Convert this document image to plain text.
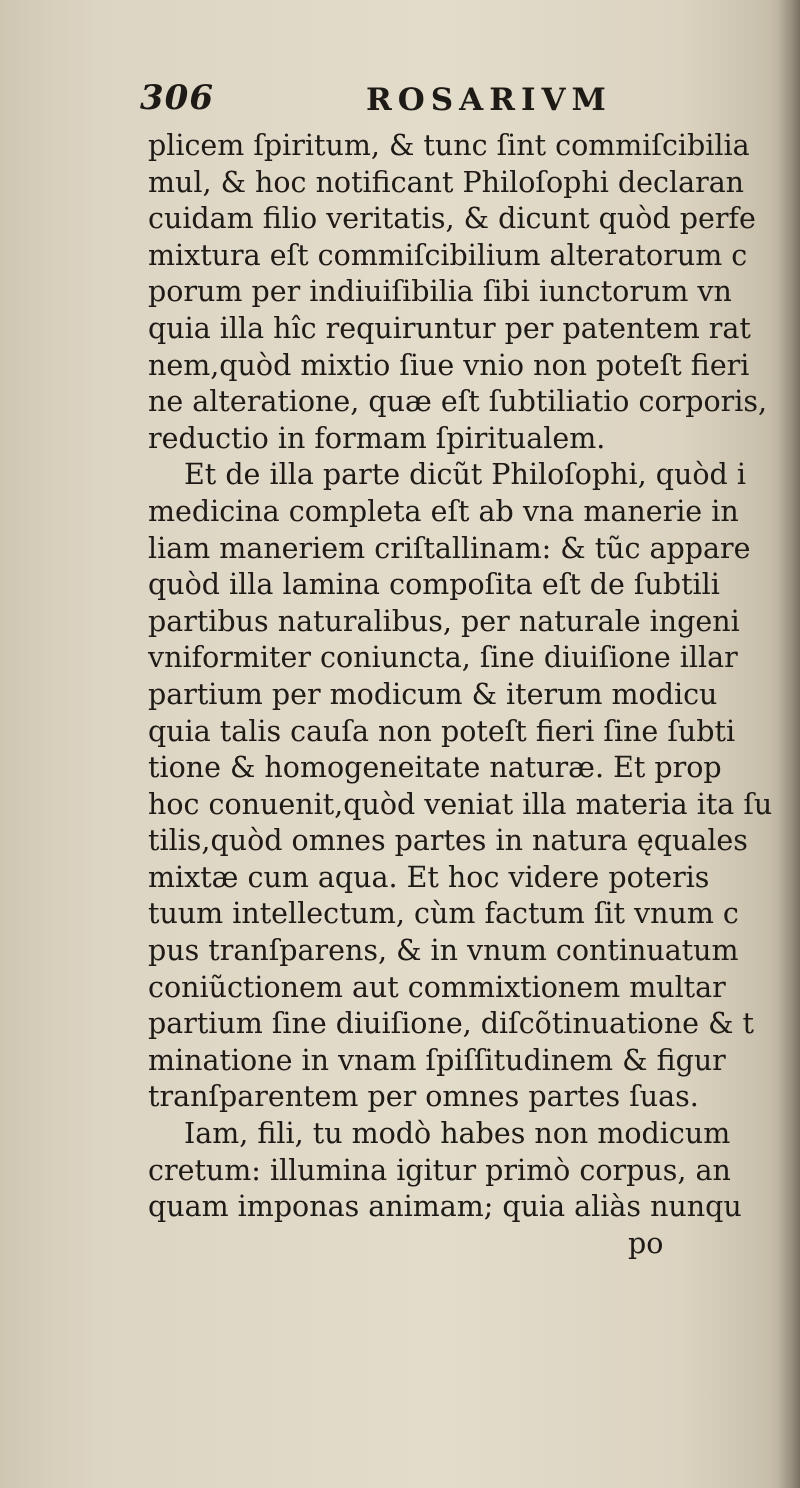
306	ROSARIVM
plicem ſpiritum, & tunc ſint commiſcibilia
mul, & hoc notificant Philoſophi declaran
cuidam filio veritatis, & dicunt quòd perfe
mixtura eſt commiſcibilium alteratorum c
porum per indiuiſibilia ſibi iunctorum vn
quia illa hîc requiruntur per patentem rat
nem,quòd mixtio ſiue vnio non poteſt fieri
ne alteratione, quæ eſt ſubtiliatio corporis,
reductio in formam ſpiritualem.
Et de illa parte dicũt Philoſophi, quòd i
medicina completa eſt ab vna manerie in
liam maneriem criſtallinam: & tũc appare
quòd illa lamina compoſita eſt de ſubtili
partibus naturalibus, per naturale ingeni
vniformiter coniuncta, ſine diuiſione illar
partium per modicum & iterum modicu
quia talis cauſa non poteſt fieri ſine ſubti
tione & homogeneitate naturæ. Et prop
hoc conuenit,quòd veniat illa materia ita ſu
tilis,quòd omnes partes in natura ęquales
mixtæ cum aqua. Et hoc videre poteris
tuum intellectum, cùm factum ſit vnum c
pus tranſparens, & in vnum continuatum
coniũctionem aut commixtionem multar
partium ſine diuiſione, diſcõtinuatione & t
minatione in vnam ſpiſſitudinem & figur
tranſparentem per omnes partes ſuas.
Iam, fili, tu modò habes non modicum
cretum: illumina igitur primò corpus, an
quam imponas animam; quia aliàs nunqu
po
